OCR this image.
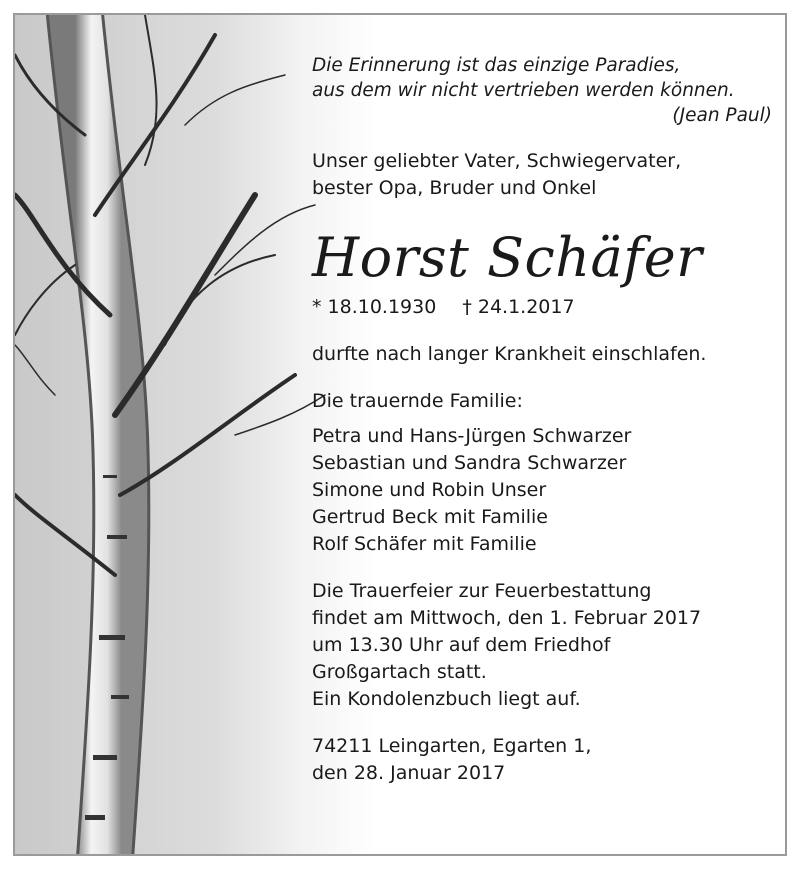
Die Erinnerung ist das einzige Paradies,
aus dem wir nicht vertrieben werden können.
(Jean Paul)
Unser geliebter Vater, Schwiegervater,
bester Opa, Bruder und Onkel
Horst Schäfer
* 18.10.1930 † 24.1.2017
durfte nach langer Krankheit einschlafen.
Die trauernde Familie:
Petra und Hans-Jürgen Schwarzer
Sebastian und Sandra Schwarzer
Simone und Robin Unser
Gertrud Beck mit Familie
Rolf Schäfer mit Familie
Die Trauerfeier zur Feuerbestattung
findet am Mittwoch, den 1. Februar 2017
um 13.30 Uhr auf dem Friedhof
Großgartach statt.
Ein Kondolenzbuch liegt auf.
74211 Leingarten, Egarten 1,
den 28. Januar 2017
